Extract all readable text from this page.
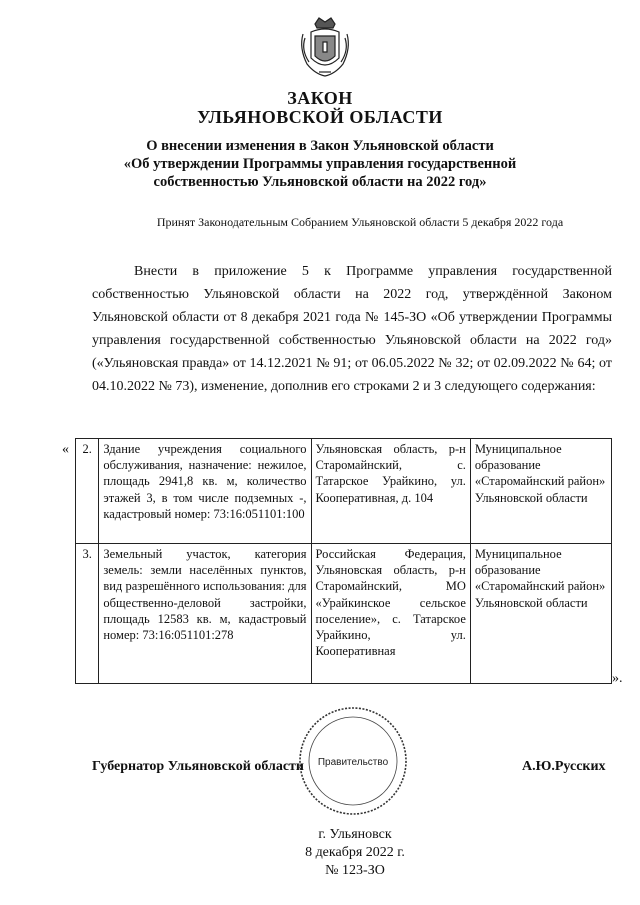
ЗАКОН
УЛЬЯНОВСКОЙ ОБЛАСТИ
О внесении изменения в Закон Ульяновской области
«Об утверждении Программы управления государственной
собственностью Ульяновской области на 2022 год»
Принят Законодательным Собранием Ульяновской области 5 декабря 2022 года

Внести в приложение 5 к Программе управления государственной собственностью Ульяновской области на 2022 год, утверждённой Законом Ульяновской области от 8 декабря 2021 года № 145-ЗО «Об утверждении Программы управления государственной собственностью Ульяновской области на 2022 год» («Ульяновская правда» от 14.12.2021 № 91; от 06.05.2022 № 32; от 02.09.2022 № 64; от 04.10.2022 № 73), изменение, дополнив его строками 2 и 3 следующего содержания:

« 2.	Здание учреждения социального обслуживания, назначение: нежилое, площадь 2941,8 кв. м, количество этажей 3, в том числе подземных -, кадастровый номер: 73:16:051101:100	Ульяновская область, р-н Старомайнский, с. Татарское Урайкино, ул. Кооперативная, д. 104	Муниципальное образование «Старомайнский район» Ульяновской области
3.	Земельный участок, категория земель: земли населённых пунктов, вид разрешённого использования: для общественно-деловой застройки, площадь 12583 кв. м, кадастровый номер: 73:16:051101:278	Российская Федерация, Ульяновская область, р-н Старомайнский, МО «Урайкинское сельское поселение», с. Татарское Урайкино, ул. Кооперативная	Муниципальное образование «Старомайнский район» Ульяновской области
».
Правительство
Губернатор Ульяновской области	А.Ю.Русских
г. Ульяновск
8 декабря 2022 г.
№ 123-ЗО
